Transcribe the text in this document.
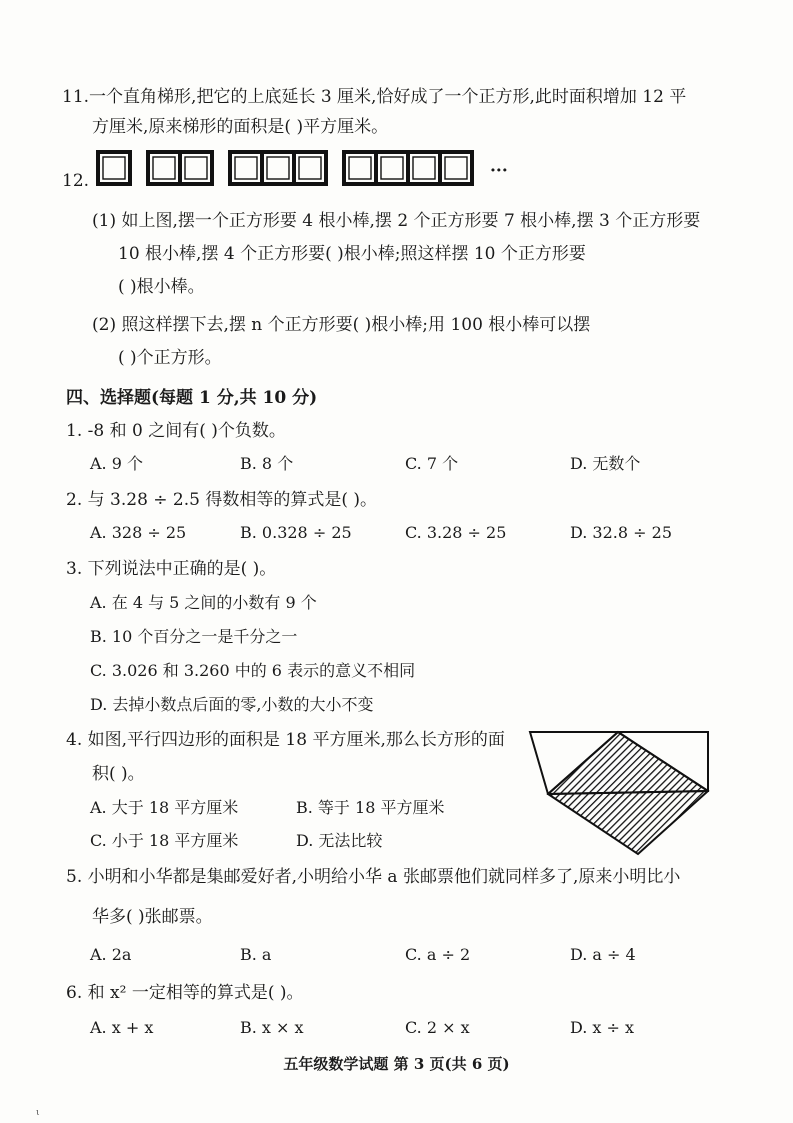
11.一个直角梯形,把它的上底延长 3 厘米,恰好成了一个正方形,此时面积增加 12 平
方厘米,原来梯形的面积是( )平方厘米。
12.	···
(1) 如上图,摆一个正方形要 4 根小棒,摆 2 个正方形要 7 根小棒,摆 3 个正方形要
10 根小棒,摆 4 个正方形要( )根小棒;照这样摆 10 个正方形要
( )根小棒。
(2) 照这样摆下去,摆 n 个正方形要( )根小棒;用 100 根小棒可以摆
( )个正方形。
四、选择题(每题 1 分,共 10 分)
1. -8 和 0 之间有( )个负数。
A. 9 个	B. 8 个	C. 7 个	D. 无数个
2. 与 3.28 ÷ 2.5 得数相等的算式是( )。
A. 328 ÷ 25	B. 0.328 ÷ 25	C. 3.28 ÷ 25	D. 32.8 ÷ 25
3. 下列说法中正确的是( )。
A. 在 4 与 5 之间的小数有 9 个
B. 10 个百分之一是千分之一
C. 3.026 和 3.260 中的 6 表示的意义不相同
D. 去掉小数点后面的零,小数的大小不变
4. 如图,平行四边形的面积是 18 平方厘米,那么长方形的面
积( )。
A. 大于 18 平方厘米	B. 等于 18 平方厘米
C. 小于 18 平方厘米	D. 无法比较
5. 小明和小华都是集邮爱好者,小明给小华 a 张邮票他们就同样多了,原来小明比小
华多( )张邮票。
A. 2a	B. a	C. a ÷ 2	D. a ÷ 4
6. 和 x² 一定相等的算式是( )。
A. x + x	B. x × x	C. 2 × x	D. x ÷ x
五年级数学试题 第 3 页(共 6 页)
ι
